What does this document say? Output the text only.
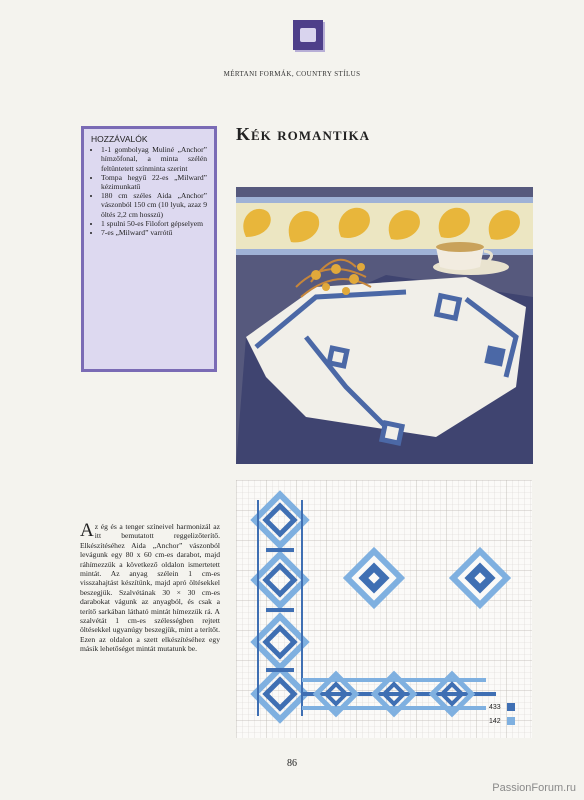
MÉRTANI FORMÁK, COUNTRY STÍLUS
HOZZÁVALÓK
• 1-1 gombolyag Muliné „Anchor” hímzőfonal, a minta szélén feltüntetett színminta szerint
• Tompa hegyű 22-es „Milward” kézimunkatű
• 180 cm széles Aida „Anchor” vászonból 150 cm (10 lyuk, azaz 9 öltés 2,2 cm hosszú)
• 1 spulni 50-es Filofort gépselyem
• 7-es „Milward” varrótű
Kék romantika
Az ég és a tenger színeivel harmonizál az itt bemutatott reggelizőterítő. Elkészítéséhez Aida „Anchor” vászonból levágunk egy 80 x 60 cm-es darabot, majd ráhímezzük a következő oldalon ismertetett mintát. Az anyag szélein 1 cm-es visszahajtást készítünk, majd apró öltésekkel beszegjük. Szalvétának 30 × 30 cm-es darabokat vágunk az anyagból, és csak a terítő sarkában látható mintát hímezzük rá. A szalvétát 1 cm-es szélességben rejtett öltésekkel ugyanúgy beszegjük, mint a terítőt. Ezen az oldalon a szett elkészítéséhez egy másik lehetőséget mintát mutatunk be.
433
142
86
PassionForum.ru
